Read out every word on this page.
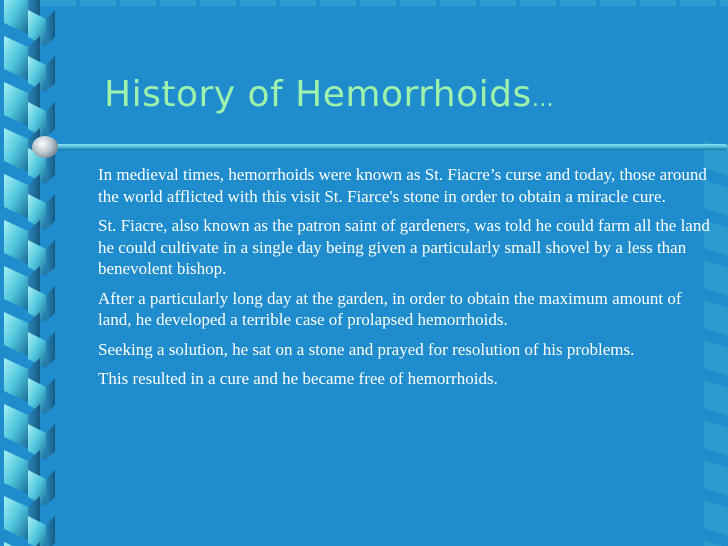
History of Hemorrhoids…

In medieval times, hemorrhoids were known as St. Fiacre’s curse and today, those around the world afflicted with this visit St. Fiarce's stone in order to obtain a miracle cure.

St. Fiacre, also known as the patron saint of gardeners, was told he could farm all the land he could cultivate in a single day being given a particularly small shovel by a less than benevolent bishop.

After a particularly long day at the garden, in order to obtain the maximum amount of land, he developed a terrible case of prolapsed hemorrhoids.

Seeking a solution, he sat on a stone and prayed for resolution of his problems.

This resulted in a cure and he became free of hemorrhoids.
